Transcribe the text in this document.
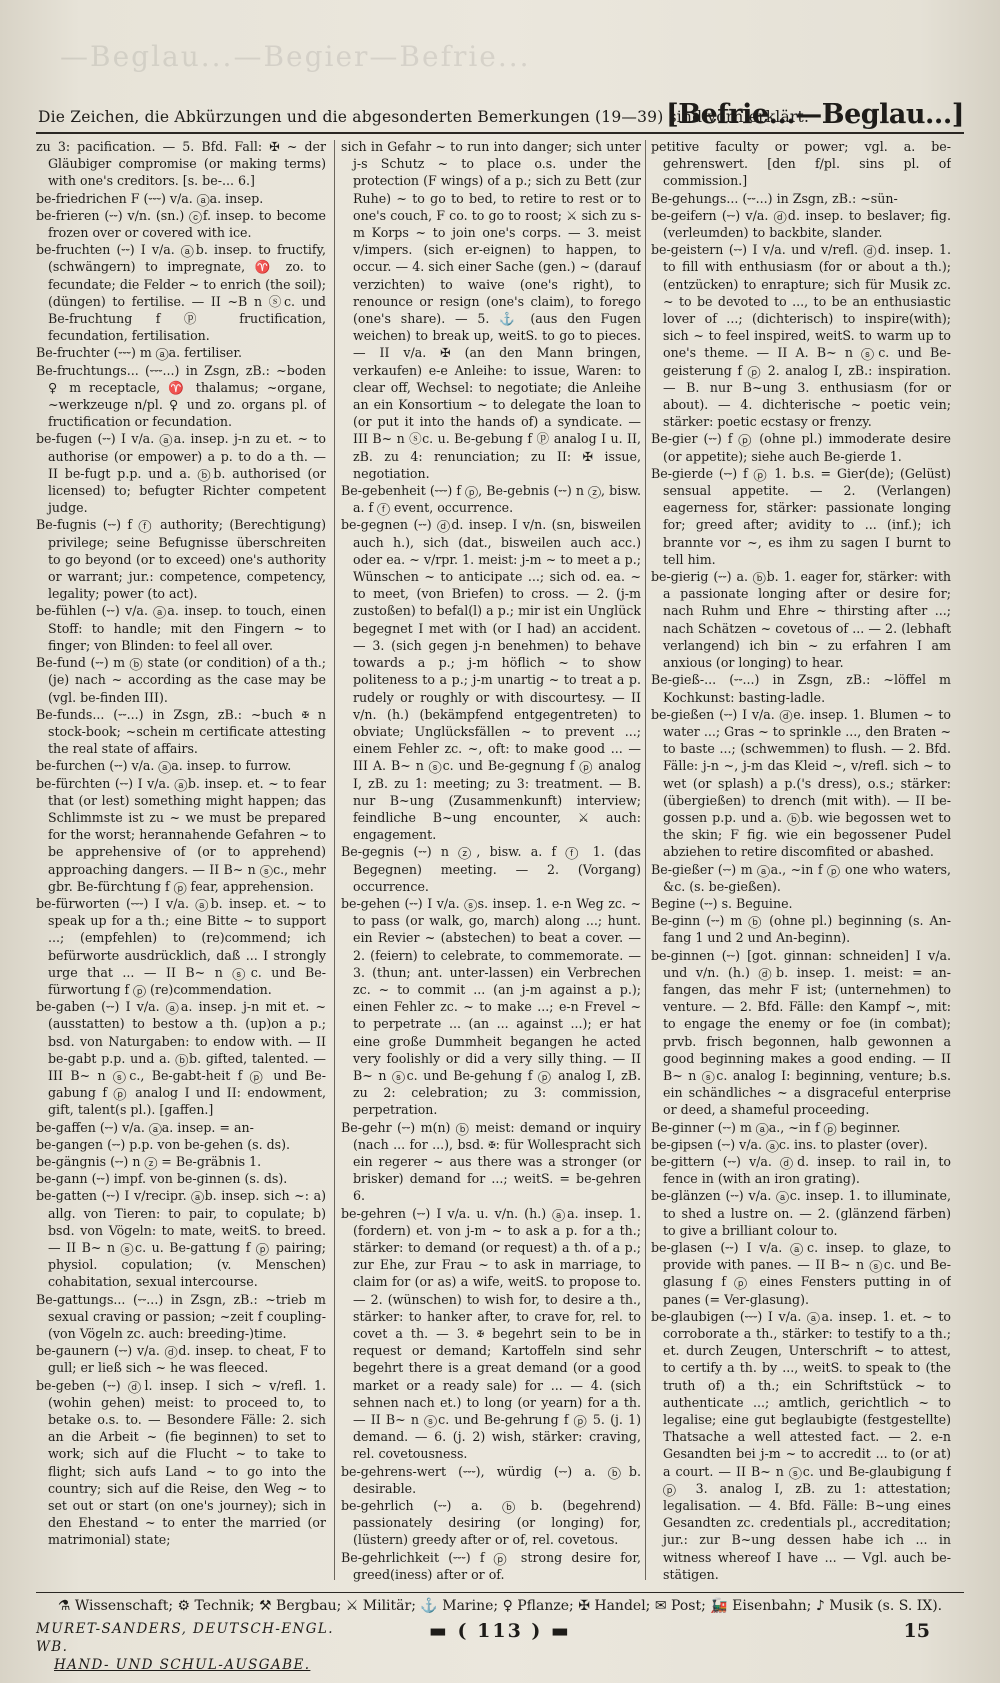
—Beglau...—Begier—Befrie...
Die Zeichen, die Abkürzungen und die abgesonderten Bemerkungen (19—39) sind vorn erklärt.
[Befrie...—Beglau...]

zu 3: pacification. — 5. Bfd. Fall: ✠ ~ der Gläubiger compromise (or making terms) with one's creditors. [s. be-... 6.]

be-friedrichen F (⏑⏑⏑) v/a. ⓐa. insep.

be-frieren (⏑⏑) v/n. (sn.) ⓒf. insep. to become frozen over or covered with ice.

be-fruchten (⏑⏑) I v/a. ⓐb. insep. to fructify, (schwängern) to impregnate, ♈ zo. to fecundate; die Felder ~ to enrich (the soil); (düngen) to fertilise. — II ~B n ⓢc. und Be-fruchtung f ⓟ fructification, fecundation, fertilisation.

Be-fruchter (⏑⏑⏑) m ⓐa. fertiliser.

Be-fruchtungs... (⏑⏑⏑...) in Zsgn, zB.: ~boden ♀ m receptacle, ♈ thalamus; ~organe, ~werkzeuge n/pl. ♀ und zo. organs pl. of fructification or fecundation.

be-fugen (⏑⏑) I v/a. ⓐa. insep. j-n zu et. ~ to authorise (or empower) a p. to do a th. — II be-fugt p.p. und a. ⓑb. authorised (or licensed) to; befugter Richter competent judge.

Be-fugnis (⏑⏑) f ⓕ authority; (Berechtigung) privilege; seine Befugnisse überschreiten to go beyond (or to exceed) one's authority or warrant; jur.: competence, competency, legality; power (to act).

be-fühlen (⏑⏑) v/a. ⓐa. insep. to touch, einen Stoff: to handle; mit den Fingern ~ to finger; von Blinden: to feel all over.

Be-fund (⏑⏑) m ⓑ state (or condition) of a th.; (je) nach ~ according as the case may be (vgl. be-finden III).

Be-funds... (⏑⏑...) in Zsgn, zB.: ~buch ✠ n stock-book; ~schein m certificate attesting the real state of affairs.

be-furchen (⏑⏑) v/a. ⓐa. insep. to furrow.

be-fürchten (⏑⏑) I v/a. ⓐb. insep. et. ~ to fear that (or lest) something might happen; das Schlimmste ist zu ~ we must be prepared for the worst; herannahende Gefahren ~ to be apprehensive of (or to apprehend) approaching dangers. — II B~ n ⓢc., mehr gbr. Be-fürchtung f ⓟ fear, apprehension.

be-fürworten (⏑⏑⏑) I v/a. ⓐb. insep. et. ~ to speak up for a th.; eine Bitte ~ to support ...; (empfehlen) to (re)commend; ich befürworte ausdrücklich, daß ... I strongly urge that ... — II B~ n ⓢc. und Be-fürwortung f ⓟ (re)commendation.

be-gaben (⏑⏑) I v/a. ⓐa. insep. j-n mit et. ~ (ausstatten) to bestow a th. (up)on a p.; bsd. von Naturgaben: to endow with. — II be-gabt p.p. und a. ⓑb. gifted, talented. — III B~ n ⓢc., Be-gabt-heit f ⓟ und Be-gabung f ⓟ analog I und II: endowment, gift, talent(s pl.). [gaffen.]

be-gaffen (⏑⏑) v/a. ⓐa. insep. = an-

be-gangen (⏑⏑) p.p. von be-gehen (s. ds).

be-gängnis (⏑⏑) n ⓩ = Be-gräbnis 1.

be-gann (⏑⏑) impf. von be-ginnen (s. ds).

be-gatten (⏑⏑) I v/recipr. ⓐb. insep. sich ~: a) allg. von Tieren: to pair, to copulate; b) bsd. von Vögeln: to mate, weitS. to breed. — II B~ n ⓢc. u. Be-gattung f ⓟ pairing; physiol. copulation; (v. Menschen) cohabitation, sexual intercourse.

Be-gattungs... (⏑⏑...) in Zsgn, zB.: ~trieb m sexual craving or passion; ~zeit f coupling- (von Vögeln zc. auch: breeding-)time.

be-gaunern (⏑⏑) v/a. ⓓd. insep. to cheat, F to gull; er ließ sich ~ he was fleeced.

be-geben (⏑⏑) ⓓl. insep. I sich ~ v/refl. 1. (wohin gehen) meist: to proceed to, to betake o.s. to. — Besondere Fälle: 2. sich an die Arbeit ~ (fie beginnen) to set to work; sich auf die Flucht ~ to take to flight; sich aufs Land ~ to go into the country; sich auf die Reise, den Weg ~ to set out or start (on one's journey); sich in den Ehestand ~ to enter the married (or matrimonial) state;

sich in Gefahr ~ to run into danger; sich unter j-s Schutz ~ to place o.s. under the protection (F wings) of a p.; sich zu Bett (zur Ruhe) ~ to go to bed, to retire to rest or to one's couch, F co. to go to roost; ⚔ sich zu s-m Korps ~ to join one's corps. — 3. meist v/impers. (sich er-eignen) to happen, to occur. — 4. sich einer Sache (gen.) ~ (darauf verzichten) to waive (one's right), to renounce or resign (one's claim), to forego (one's share). — 5. ⚓ (aus den Fugen weichen) to break up, weitS. to go to pieces. — II v/a. ✠ (an den Mann bringen, verkaufen) e-e Anleihe: to issue, Waren: to clear off, Wechsel: to negotiate; die Anleihe an ein Konsortium ~ to delegate the loan to (or put it into the hands of) a syndicate. — III B~ n ⓢc. u. Be-gebung f ⓟ analog I u. II, zB. zu 4: renunciation; zu II: ✠ issue, negotiation.

Be-gebenheit (⏑⏑⏑) f ⓟ, Be-gebnis (⏑⏑) n ⓩ, bisw. a. f ⓕ event, occurrence.

be-gegnen (⏑⏑) ⓓd. insep. I v/n. (sn, bisweilen auch h.), sich (dat., bisweilen auch acc.) oder ea. ~ v/rpr. 1. meist: j-m ~ to meet a p.; Wünschen ~ to anticipate ...; sich od. ea. ~ to meet, (von Briefen) to cross. — 2. (j-m zustoßen) to befal(l) a p.; mir ist ein Unglück begegnet I met with (or I had) an accident. — 3. (sich gegen j-n benehmen) to behave towards a p.; j-m höflich ~ to show politeness to a p.; j-m unartig ~ to treat a p. rudely or roughly or with discourtesy. — II v/n. (h.) (bekämpfend entgegentreten) to obviate; Unglücksfällen ~ to prevent ...; einem Fehler zc. ~, oft: to make good ... — III A. B~ n ⓢc. und Be-gegnung f ⓟ analog I, zB. zu 1: meeting; zu 3: treatment. — B. nur B~ung (Zusammenkunft) interview; feindliche B~ung encounter, ⚔ auch: engagement.

Be-gegnis (⏑⏑) n ⓩ, bisw. a. f ⓕ 1. (das Begegnen) meeting. — 2. (Vorgang) occurrence.

be-gehen (⏑⏑) I v/a. ⓢs. insep. 1. e-n Weg zc. ~ to pass (or walk, go, march) along ...; hunt. ein Revier ~ (abstechen) to beat a cover. — 2. (feiern) to celebrate, to commemorate. — 3. (thun; ant. unter-lassen) ein Verbrechen zc. ~ to commit ... (an j-m against a p.); einen Fehler zc. ~ to make ...; e-n Frevel ~ to perpetrate ... (an ... against ...); er hat eine große Dummheit begangen he acted very foolishly or did a very silly thing. — II B~ n ⓢc. und Be-gehung f ⓟ analog I, zB. zu 2: celebration; zu 3: commission, perpetration.

Be-gehr (⏑⏑) m(n) ⓑ meist: demand or inquiry (nach ... for ...), bsd. ✠: für Wollespracht sich ein regerer ~ aus there was a stronger (or brisker) demand for ...; weitS. = be-gehren 6.

be-gehren (⏑⏑) I v/a. u. v/n. (h.) ⓐa. insep. 1. (fordern) et. von j-m ~ to ask a p. for a th.; stärker: to demand (or request) a th. of a p.; zur Ehe, zur Frau ~ to ask in marriage, to claim for (or as) a wife, weitS. to propose to. — 2. (wünschen) to wish for, to desire a th., stärker: to hanker after, to crave for, rel. to covet a th. — 3. ✠ begehrt sein to be in request or demand; Kartoffeln sind sehr begehrt there is a great demand (or a good market or a ready sale) for ... — 4. (sich sehnen nach et.) to long (or yearn) for a th. — II B~ n ⓢc. und Be-gehrung f ⓟ 5. (j. 1) demand. — 6. (j. 2) wish, stärker: craving, rel. covetousness.

be-gehrens-wert (⏑⏑⏑), würdig (⏑⏑) a. ⓑb. desirable.

be-gehrlich (⏑⏑) a. ⓑb. (begehrend) passionately desiring (or longing) for, (lüstern) greedy after or of, rel. covetous.

Be-gehrlichkeit (⏑⏑⏑) f ⓟ strong desire for, greed(iness) after or of.

petitive faculty or power; vgl. a. be-gehrenswert. [den f/pl. sins pl. of commission.]

Be-gehungs... (⏑⏑...) in Zsgn, zB.: ~sün-

be-geifern (⏑⏑) v/a. ⓓd. insep. to beslaver; fig. (verleumden) to backbite, slander.

be-geistern (⏑⏑) I v/a. und v/refl. ⓓd. insep. 1. to fill with enthusiasm (for or about a th.); (entzücken) to enrapture; sich für Musik zc. ~ to be devoted to ..., to be an enthusiastic lover of ...; (dichterisch) to inspire(with); sich ~ to feel inspired, weitS. to warm up to one's theme. — II A. B~ n ⓢc. und Be-geisterung f ⓟ 2. analog I, zB.: inspiration. — B. nur B~ung 3. enthusiasm (for or about). — 4. dichterische ~ poetic vein; stärker: poetic ecstasy or frenzy.

Be-gier (⏑⏑) f ⓟ (ohne pl.) immoderate desire (or appetite); siehe auch Be-gierde 1.

Be-gierde (⏑⏑) f ⓟ 1. b.s. = Gier(de); (Gelüst) sensual appetite. — 2. (Verlangen) eagerness for, stärker: passionate longing for; greed after; avidity to ... (inf.); ich brannte vor ~, es ihm zu sagen I burnt to tell him.

be-gierig (⏑⏑) a. ⓑb. 1. eager for, stärker: with a passionate longing after or desire for; nach Ruhm und Ehre ~ thirsting after ...; nach Schätzen ~ covetous of ... — 2. (lebhaft verlangend) ich bin ~ zu erfahren I am anxious (or longing) to hear.

Be-gieß-... (⏑⏑...) in Zsgn, zB.: ~löffel m Kochkunst: basting-ladle.

be-gießen (⏑⏑) I v/a. ⓓe. insep. 1. Blumen ~ to water ...; Gras ~ to sprinkle ..., den Braten ~ to baste ...; (schwemmen) to flush. — 2. Bfd. Fälle: j-n ~, j-m das Kleid ~, v/refl. sich ~ to wet (or splash) a p.('s dress), o.s.; stärker: (übergießen) to drench (mit with). — II be-gossen p.p. und a. ⓑb. wie begossen wet to the skin; F fig. wie ein begossener Pudel abziehen to retire discomfited or abashed.

Be-gießer (⏑⏑) m ⓐa., ~in f ⓟ one who waters, &c. (s. be-gießen).

Begine (⏑⏑) s. Beguine.

Be-ginn (⏑⏑) m ⓑ (ohne pl.) beginning (s. An-fang 1 und 2 und An-beginn).

be-ginnen (⏑⏑) [got. ginnan: schneiden] I v/a. und v/n. (h.) ⓓb. insep. 1. meist: = an-fangen, das mehr F ist; (unternehmen) to venture. — 2. Bfd. Fälle: den Kampf ~, mit: to engage the enemy or foe (in combat); prvb. frisch begonnen, halb gewonnen a good beginning makes a good ending. — II B~ n ⓢc. analog I: beginning, venture; b.s. ein schändliches ~ a disgraceful enterprise or deed, a shameful proceeding.

Be-ginner (⏑⏑) m ⓐa., ~in f ⓟ beginner.

be-gipsen (⏑⏑) v/a. ⓐc. ins. to plaster (over).

be-gittern (⏑⏑) v/a. ⓓd. insep. to rail in, to fence in (with an iron grating).

be-glänzen (⏑⏑) v/a. ⓐc. insep. 1. to illuminate, to shed a lustre on. — 2. (glänzend färben) to give a brilliant colour to.

be-glasen (⏑⏑) I v/a. ⓐc. insep. to glaze, to provide with panes. — II B~ n ⓢc. und Be-glasung f ⓟ eines Fensters putting in of panes (= Ver-glasung).

be-glaubigen (⏑⏑⏑) I v/a. ⓐa. insep. 1. et. ~ to corroborate a th., stärker: to testify to a th.; et. durch Zeugen, Unterschrift ~ to attest, to certify a th. by ..., weitS. to speak to (the truth of) a th.; ein Schriftstück ~ to authenticate ...; amtlich, gerichtlich ~ to legalise; eine gut beglaubigte (festgestellte) Thatsache a well attested fact. — 2. e-n Gesandten bei j-m ~ to accredit ... to (or at) a court. — II B~ n ⓢc. und Be-glaubigung f ⓟ 3. analog I, zB. zu 1: attestation; legalisation. — 4. Bfd. Fälle: B~ung eines Gesandten zc. credentials pl., accreditation; jur.: zur B~ung dessen habe ich ... in witness whereof I have ... — Vgl. auch be-stätigen.

⚗ Wissenschaft; ⚙ Technik; ⚒ Bergbau; ⚔ Militär; ⚓ Marine; ♀ Pflanze; ✠ Handel; ✉ Post; 🚂 Eisenbahn; ♪ Musik (s. S. IX).
MURET-SANDERS, DEUTSCH-ENGL. WB.
HAND- UND SCHUL-AUSGABE.
▬ ( 113 ) ▬	15
